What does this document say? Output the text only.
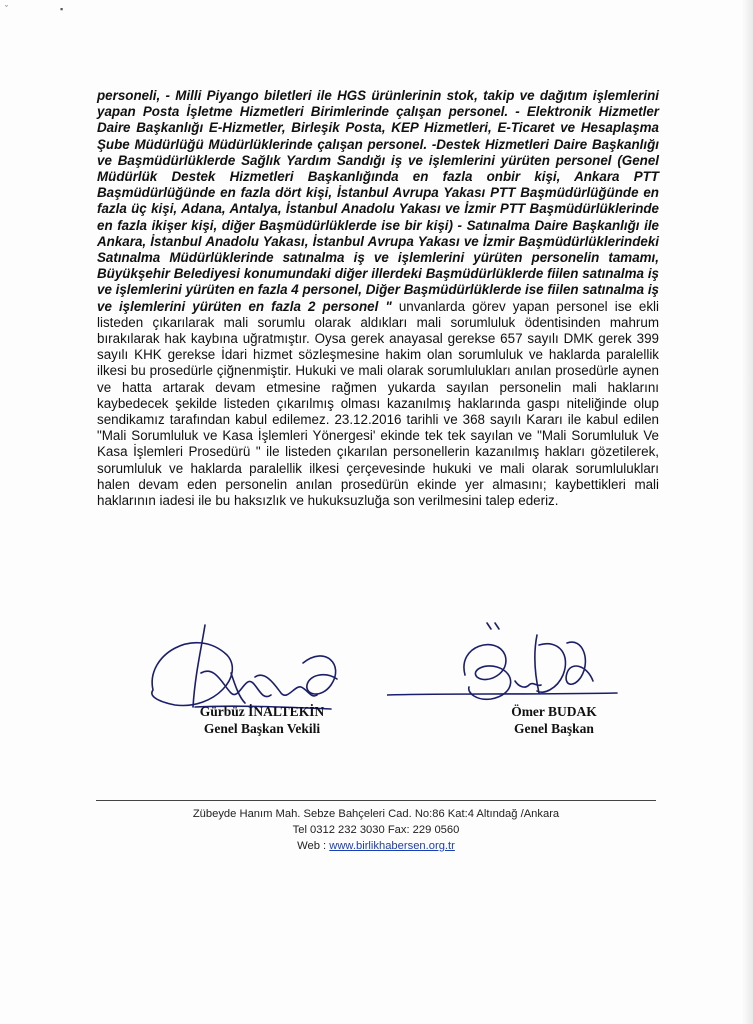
ˇ	▪
personeli, - Milli Piyango biletleri ile HGS ürünlerinin stok, takip ve dağıtım işlemlerini yapan Posta İşletme Hizmetleri Birimlerinde çalışan personel. - Elektronik Hizmetler Daire Başkanlığı E-Hizmetler, Birleşik Posta, KEP Hizmetleri, E-Ticaret ve Hesaplaşma Şube Müdürlüğü Müdürlüklerinde çalışan personel. -Destek Hizmetleri Daire Başkanlığı ve Başmüdürlüklerde Sağlık Yardım Sandığı iş ve işlemlerini yürüten personel (Genel Müdürlük Destek Hizmetleri Başkanlığında en fazla onbir kişi, Ankara PTT Başmüdürlüğünde en fazla dört kişi, İstanbul Avrupa Yakası PTT Başmüdürlüğünde en fazla üç kişi, Adana, Antalya, İstanbul Anadolu Yakası ve İzmir PTT Başmüdürlüklerinde en fazla ikişer kişi, diğer Başmüdürlüklerde ise bir kişi) - Satınalma Daire Başkanlığı ile Ankara, İstanbul Anadolu Yakası, İstanbul Avrupa Yakası ve İzmir Başmüdürlüklerindeki Satınalma Müdürlüklerinde satınalma iş ve işlemlerini yürüten personelin tamamı, Büyükşehir Belediyesi konumundaki diğer illerdeki Başmüdürlüklerde fiilen satınalma iş ve işlemlerini yürüten en fazla 4 personel, Diğer Başmüdürlüklerde ise fiilen satınalma iş ve işlemlerini yürüten en fazla 2 personel " unvanlarda görev yapan personel ise ekli listeden çıkarılarak mali sorumlu olarak aldıkları mali sorumluluk ödentisinden mahrum bırakılarak hak kaybına uğratmıştır. Oysa gerek anayasal gerekse 657 sayılı DMK gerek 399 sayılı KHK gerekse İdari hizmet sözleşmesine hakim olan sorumluluk ve haklarda paralellik ilkesi bu prosedürle çiğnenmiştir. Hukuki ve mali olarak sorumlulukları anılan prosedürle aynen ve hatta artarak devam etmesine rağmen yukarda sayılan personelin mali haklarını kaybedecek şekilde listeden çıkarılmış olması kazanılmış haklarında gaspı niteliğinde olup sendikamız tarafından kabul edilemez. 23.12.2016 tarihli ve 368 sayılı Kararı ile kabul edilen "Mali Sorumluluk ve Kasa İşlemleri Yönergesi' ekinde tek tek sayılan ve "Mali Sorumluluk Ve Kasa İşlemleri Prosedürü " ile listeden çıkarılan personellerin kazanılmış hakları gözetilerek, sorumluluk ve haklarda paralellik ilkesi çerçevesinde hukuki ve mali olarak sorumlulukları halen devam eden personelin anılan prosedürün ekinde yer almasını; kaybettikleri mali haklarının iadesi ile bu haksızlık ve hukuksuzluğa son verilmesini talep ederiz.
Gürbüz İNALTEKİN
Genel Başkan Vekili
Ömer BUDAK
Genel Başkan
Zübeyde Hanım Mah. Sebze Bahçeleri Cad. No:86 Kat:4 Altındağ /Ankara
Tel 0312 232 3030 Fax: 229 0560
Web : www.birlikhabersen.org.tr
